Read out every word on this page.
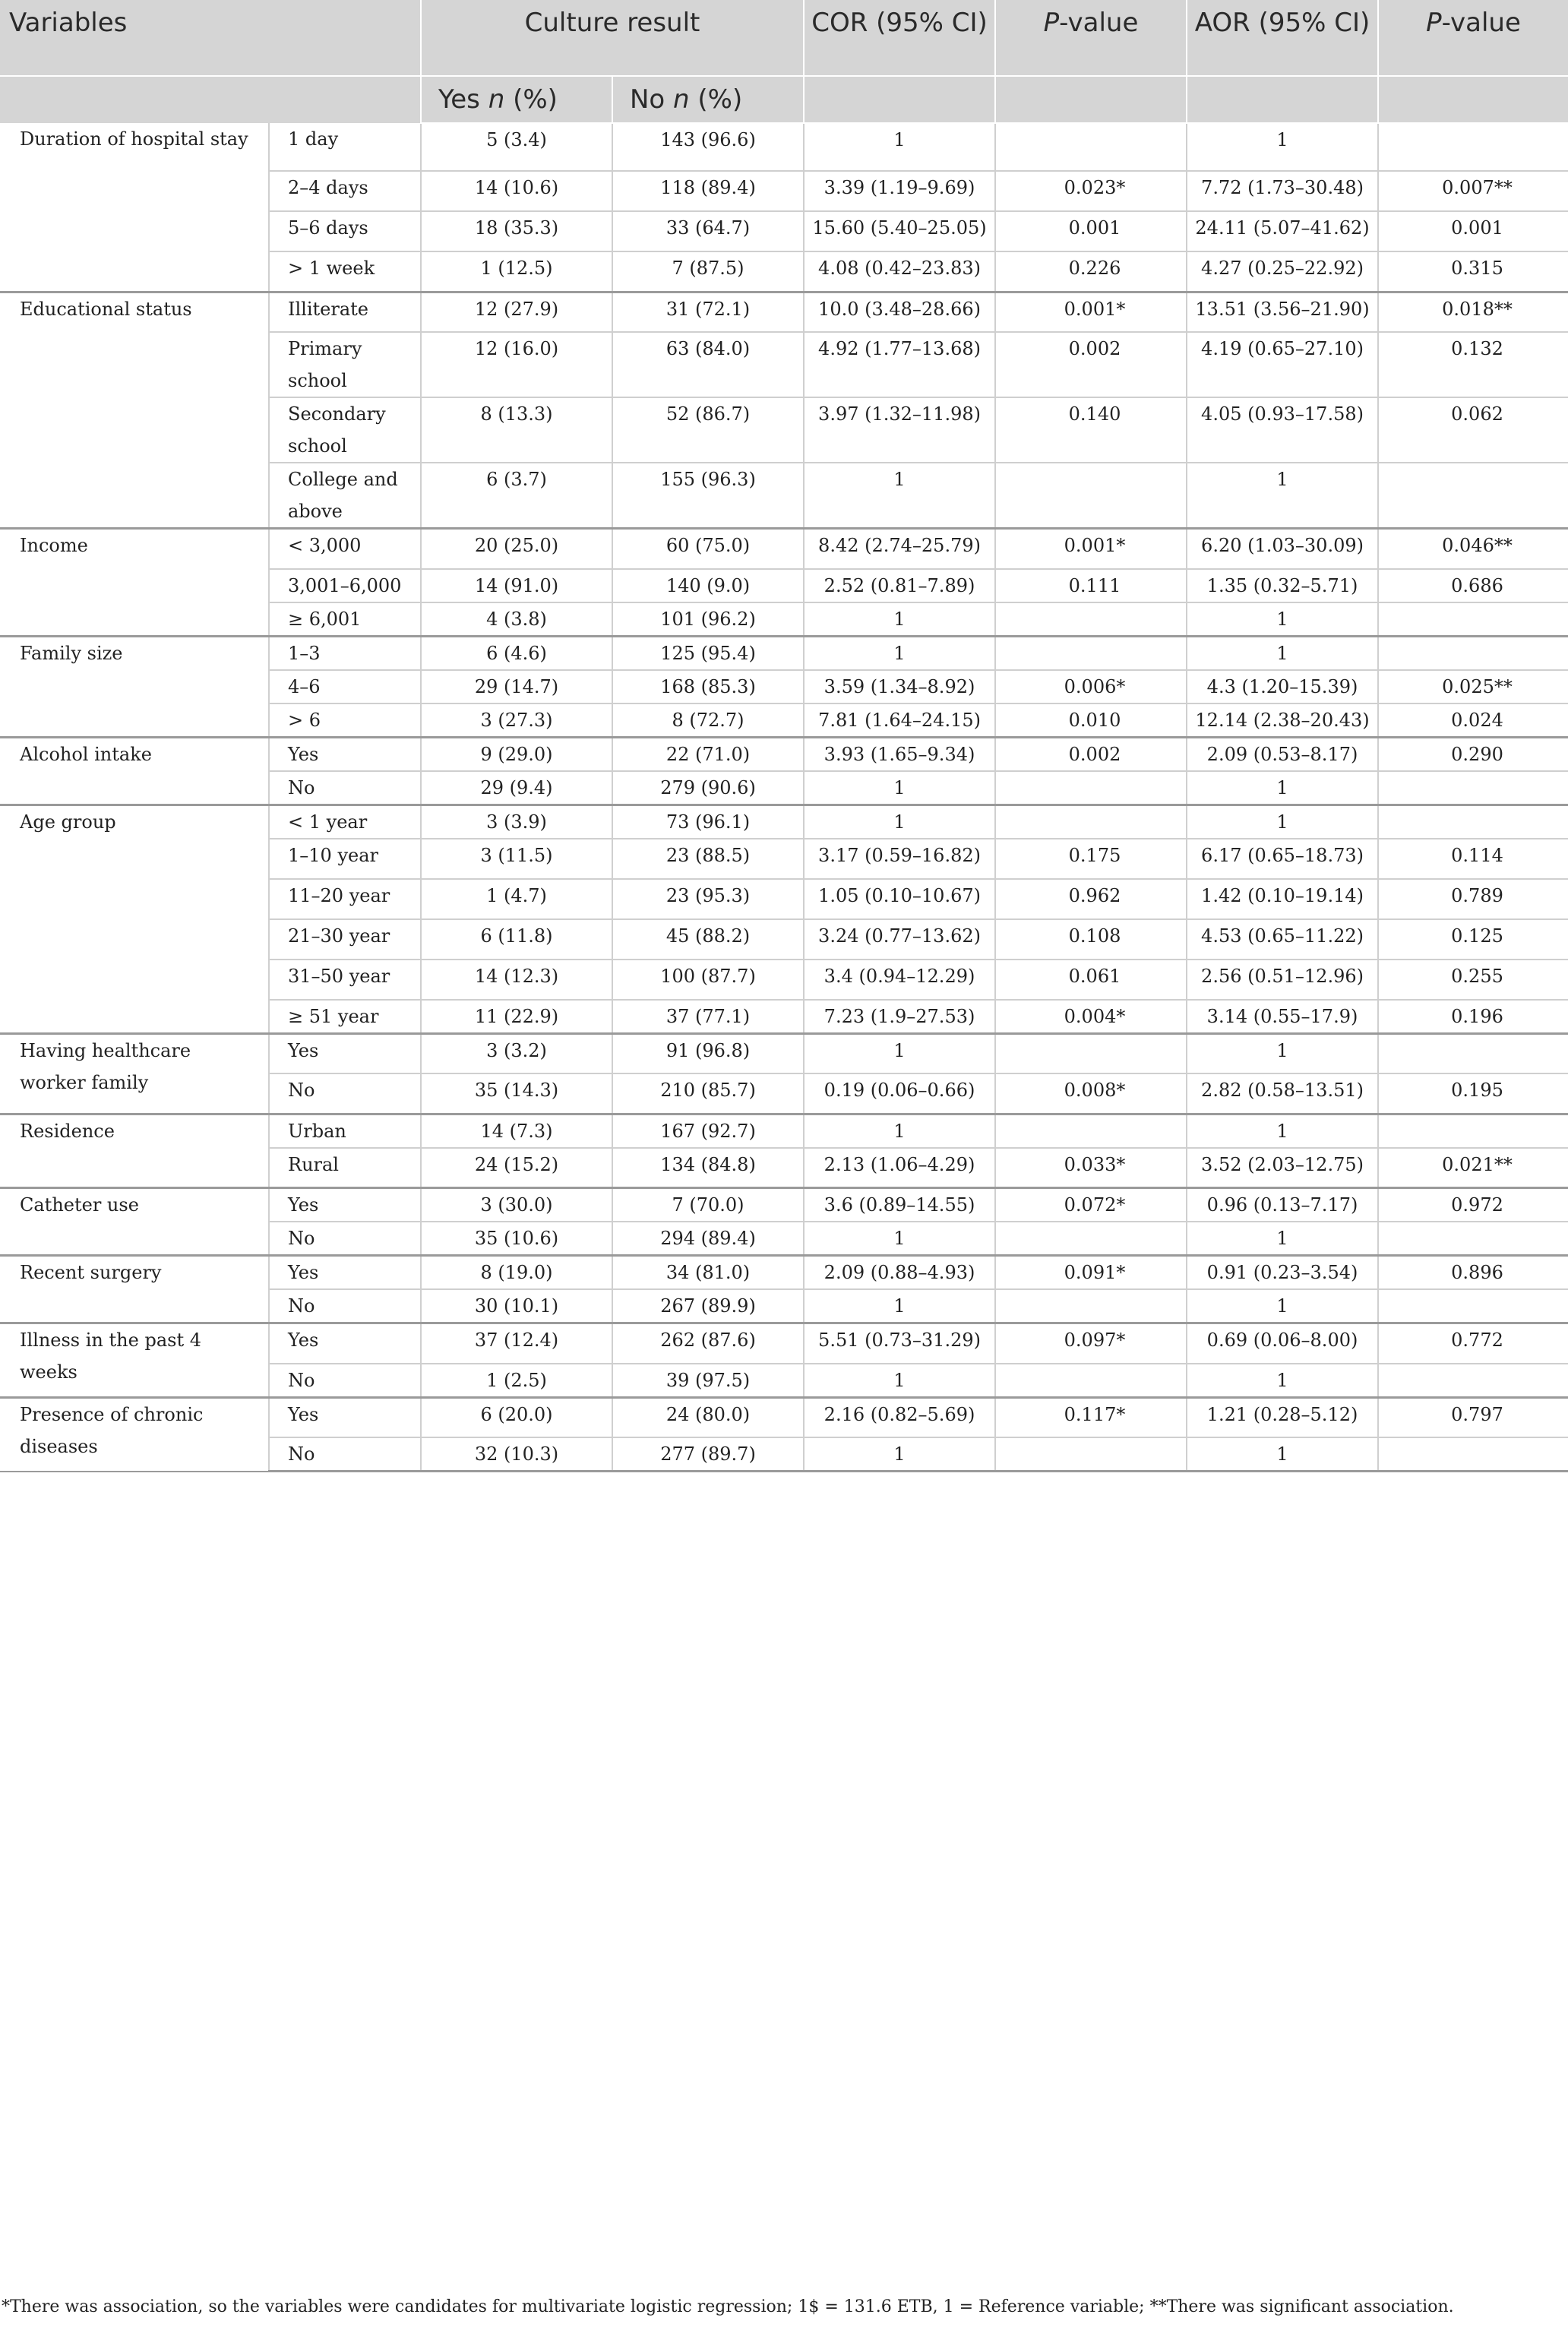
Variables		Culture result		COR (95% CI)	P-value	AOR (95% CI)	P-value
		Yes n (%)	No n (%)				
Duration of hospital stay	1 day	5 (3.4)	143 (96.6)	1		1	
	2–4 days	14 (10.6)	118 (89.4)	3.39 (1.19–9.69)	0.023*	7.72 (1.73–30.48)	0.007**
	5–6 days	18 (35.3)	33 (64.7)	15.60 (5.40–25.05)	0.001	24.11 (5.07–41.62)	0.001
	> 1 week	1 (12.5)	7 (87.5)	4.08 (0.42–23.83)	0.226	4.27 (0.25–22.92)	0.315
Educational status	Illiterate	12 (27.9)	31 (72.1)	10.0 (3.48–28.66)	0.001*	13.51 (3.56–21.90)	0.018**
	Primary school	12 (16.0)	63 (84.0)	4.92 (1.77–13.68)	0.002	4.19 (0.65–27.10)	0.132
	Secondary school	8 (13.3)	52 (86.7)	3.97 (1.32–11.98)	0.140	4.05 (0.93–17.58)	0.062
	College and above	6 (3.7)	155 (96.3)	1		1	
Income	< 3,000	20 (25.0)	60 (75.0)	8.42 (2.74–25.79)	0.001*	6.20 (1.03–30.09)	0.046**
	3,001–6,000	14 (91.0)	140 (9.0)	2.52 (0.81–7.89)	0.111	1.35 (0.32–5.71)	0.686
	≥ 6,001	4 (3.8)	101 (96.2)	1		1	
Family size	1–3	6 (4.6)	125 (95.4)	1		1	
	4–6	29 (14.7)	168 (85.3)	3.59 (1.34–8.92)	0.006*	4.3 (1.20–15.39)	0.025**
	> 6	3 (27.3)	8 (72.7)	7.81 (1.64–24.15)	0.010	12.14 (2.38–20.43)	0.024
Alcohol intake	Yes	9 (29.0)	22 (71.0)	3.93 (1.65–9.34)	0.002	2.09 (0.53–8.17)	0.290
	No	29 (9.4)	279 (90.6)	1		1	
Age group	< 1 year	3 (3.9)	73 (96.1)	1		1	
	1–10 year	3 (11.5)	23 (88.5)	3.17 (0.59–16.82)	0.175	6.17 (0.65–18.73)	0.114
	11–20 year	1 (4.7)	23 (95.3)	1.05 (0.10–10.67)	0.962	1.42 (0.10–19.14)	0.789
	21–30 year	6 (11.8)	45 (88.2)	3.24 (0.77–13.62)	0.108	4.53 (0.65–11.22)	0.125
	31–50 year	14 (12.3)	100 (87.7)	3.4 (0.94–12.29)	0.061	2.56 (0.51–12.96)	0.255
	≥ 51 year	11 (22.9)	37 (77.1)	7.23 (1.9–27.53)	0.004*	3.14 (0.55–17.9)	0.196
Having healthcare worker family	Yes	3 (3.2)	91 (96.8)	1		1	
	No	35 (14.3)	210 (85.7)	0.19 (0.06–0.66)	0.008*	2.82 (0.58–13.51)	0.195
Residence	Urban	14 (7.3)	167 (92.7)	1		1	
	Rural	24 (15.2)	134 (84.8)	2.13 (1.06–4.29)	0.033*	3.52 (2.03–12.75)	0.021**
Catheter use	Yes	3 (30.0)	7 (70.0)	3.6 (0.89–14.55)	0.072*	0.96 (0.13–7.17)	0.972
	No	35 (10.6)	294 (89.4)	1		1	
Recent surgery	Yes	8 (19.0)	34 (81.0)	2.09 (0.88–4.93)	0.091*	0.91 (0.23–3.54)	0.896
	No	30 (10.1)	267 (89.9)	1		1	
Illness in the past 4 weeks	Yes	37 (12.4)	262 (87.6)	5.51 (0.73–31.29)	0.097*	0.69 (0.06–8.00)	0.772
	No	1 (2.5)	39 (97.5)	1		1	
Presence of chronic diseases	Yes	6 (20.0)	24 (80.0)	2.16 (0.82–5.69)	0.117*	1.21 (0.28–5.12)	0.797
	No	32 (10.3)	277 (89.7)	1		1	
*There was association, so the variables were candidates for multivariate logistic regression; 1$ = 131.6 ETB, 1 = Reference variable; **There was significant association.
